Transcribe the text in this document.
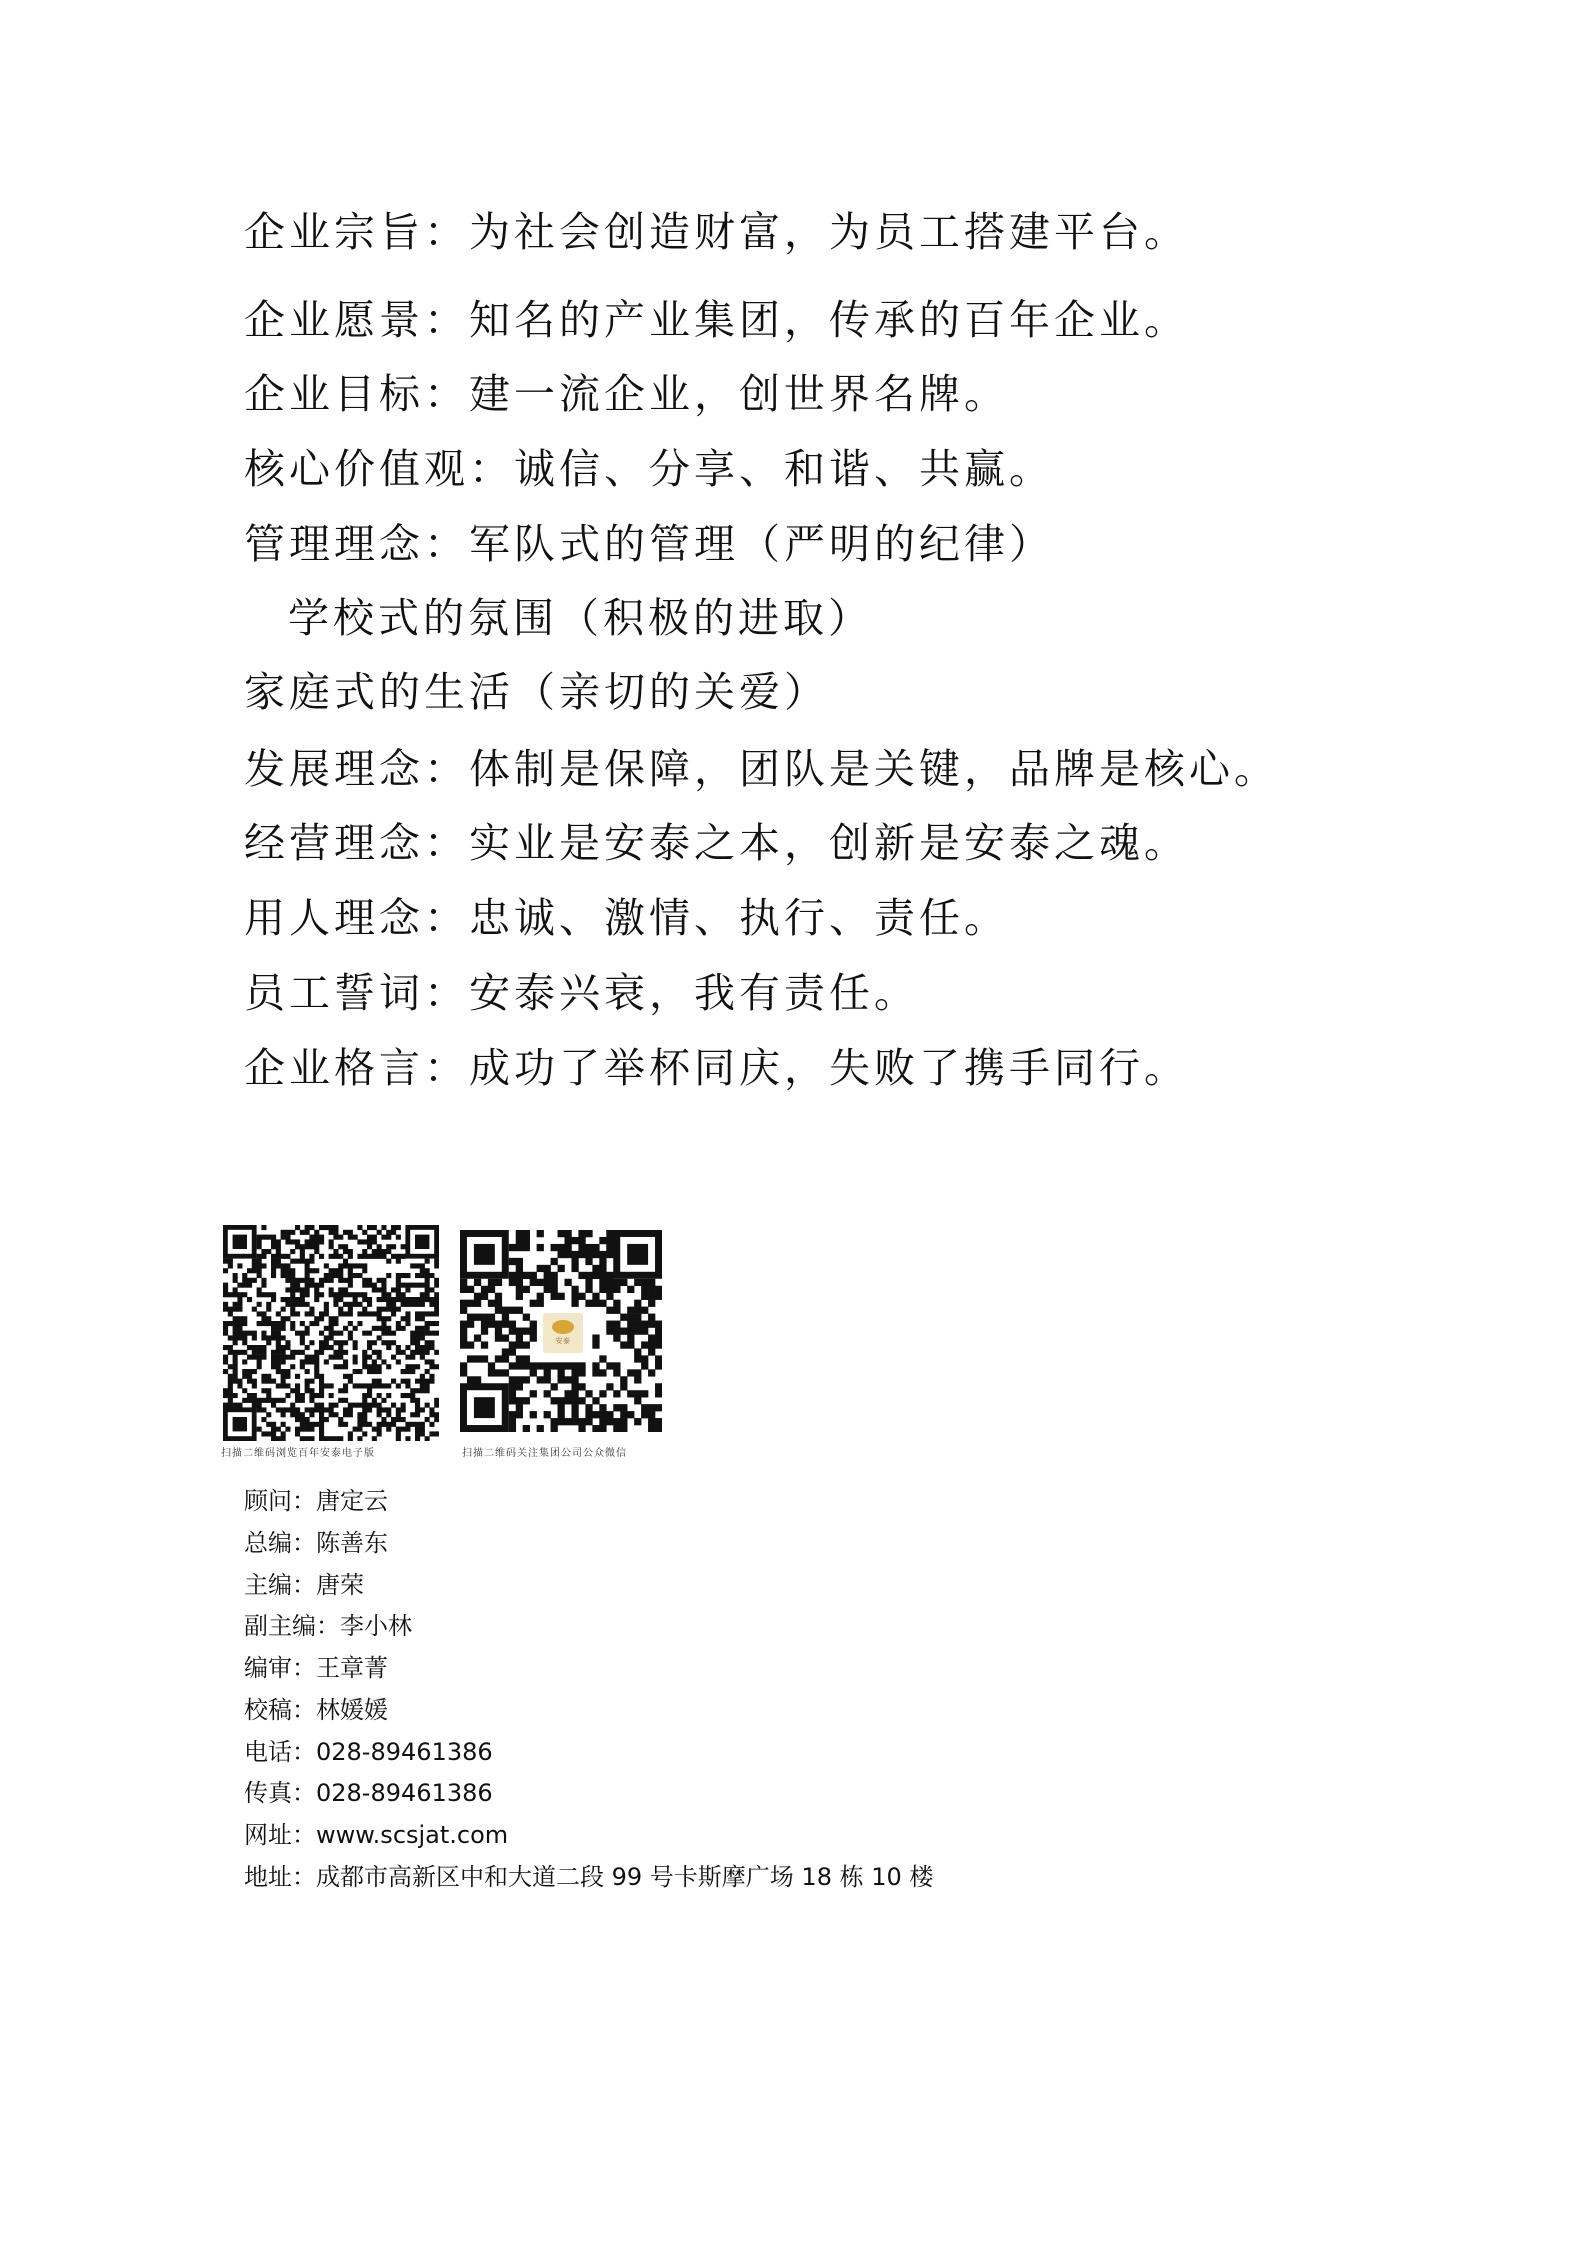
企业宗旨：为社会创造财富，为员工搭建平台。
企业愿景：知名的产业集团，传承的百年企业。
企业目标：建一流企业，创世界名牌。
核心价值观：诚信、分享、和谐、共赢。
管理理念：军队式的管理（严明的纪律）
学校式的氛围（积极的进取）
家庭式的生活（亲切的关爱）
发展理念：体制是保障，团队是关键，品牌是核心。
经营理念：实业是安泰之本，创新是安泰之魂。
用人理念：忠诚、激情、执行、责任。
员工誓词：安泰兴衰，我有责任。
企业格言：成功了举杯同庆，失败了携手同行。
扫描二维码浏览百年安泰电子版
安泰
扫描二维码关注集团公司公众微信
顾问：唐定云
总编：陈善东
主编：唐荣
副主编：李小林
编审：王章菁
校稿：林媛媛
电话：028-89461386
传真：028-89461386
网址：www.scsjat.com
地址：成都市高新区中和大道二段 99 号卡斯摩广场 18 栋 10 楼
